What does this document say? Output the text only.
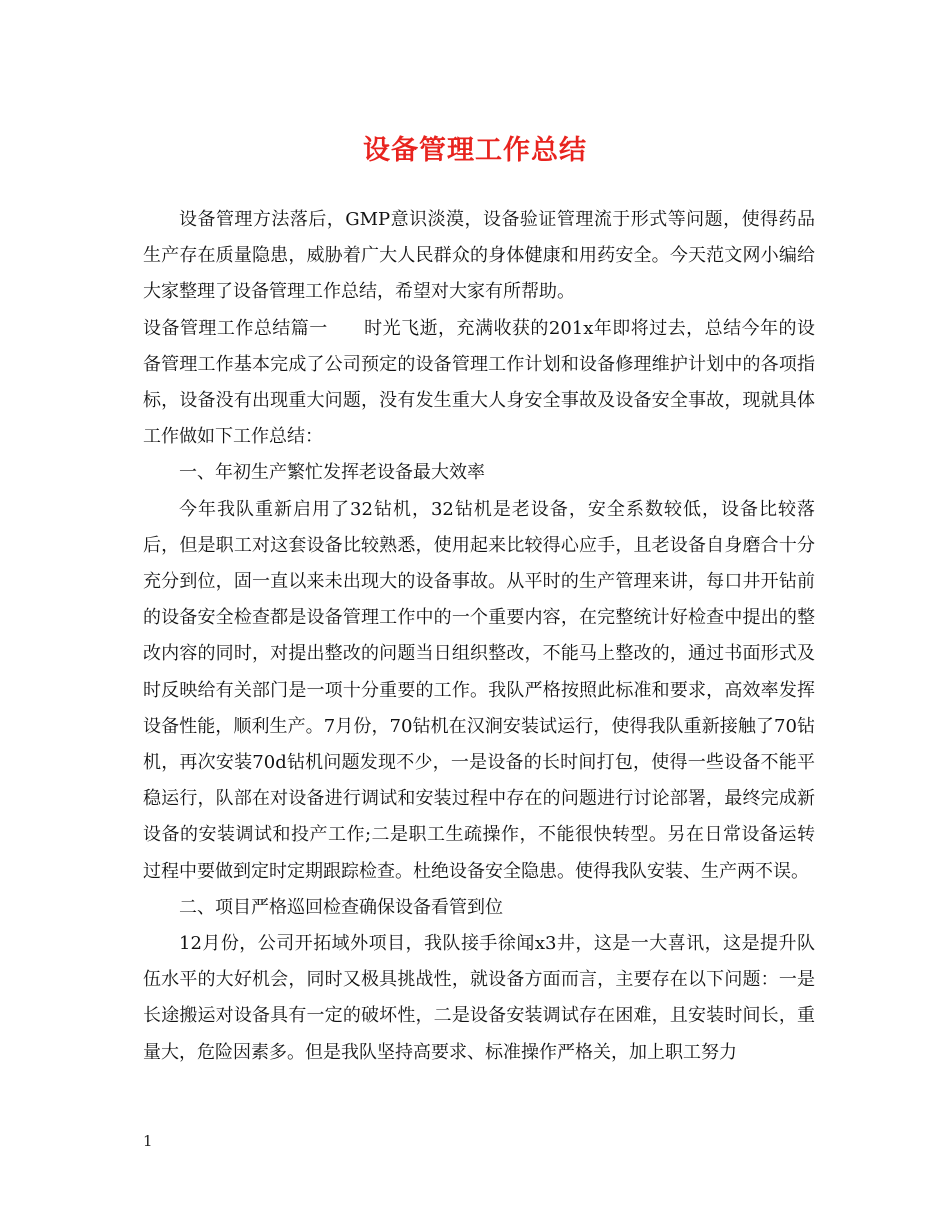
设备管理工作总结

设备管理方法落后，GMP意识淡漠，设备验证管理流于形式等问题，使得药品生产存在质量隐患，威胁着广大人民群众的身体健康和用药安全。今天范文网小编给大家整理了设备管理工作总结，希望对大家有所帮助。

设备管理工作总结篇一 时光飞逝，充满收获的201x年即将过去，总结今年的设备管理工作基本完成了公司预定的设备管理工作计划和设备修理维护计划中的各项指标，设备没有出现重大问题，没有发生重大人身安全事故及设备安全事故，现就具体工作做如下工作总结：

一、年初生产繁忙发挥老设备最大效率

今年我队重新启用了32钻机，32钻机是老设备，安全系数较低，设备比较落后，但是职工对这套设备比较熟悉，使用起来比较得心应手，且老设备自身磨合十分充分到位，固一直以来未出现大的设备事故。从平时的生产管理来讲，每口井开钻前的设备安全检查都是设备管理工作中的一个重要内容，在完整统计好检查中提出的整改内容的同时，对提出整改的问题当日组织整改，不能马上整改的，通过书面形式及时反映给有关部门是一项十分重要的工作。我队严格按照此标准和要求，高效率发挥设备性能，顺利生产。7月份，70钻机在汉涧安装试运行，使得我队重新接触了70钻机，再次安装70d钻机问题发现不少，一是设备的长时间打包，使得一些设备不能平稳运行，队部在对设备进行调试和安装过程中存在的问题进行讨论部署，最终完成新设备的安装调试和投产工作;二是职工生疏操作，不能很快转型。另在日常设备运转过程中要做到定时定期跟踪检查。杜绝设备安全隐患。使得我队安装、生产两不误。

二、项目严格巡回检查确保设备看管到位

12月份，公司开拓域外项目，我队接手徐闻x3井，这是一大喜讯，这是提升队伍水平的大好机会，同时又极具挑战性，就设备方面而言，主要存在以下问题：一是长途搬运对设备具有一定的破坏性，二是设备安装调试存在困难，且安装时间长，重量大，危险因素多。但是我队坚持高要求、标准操作严格关，加上职工努力

1
